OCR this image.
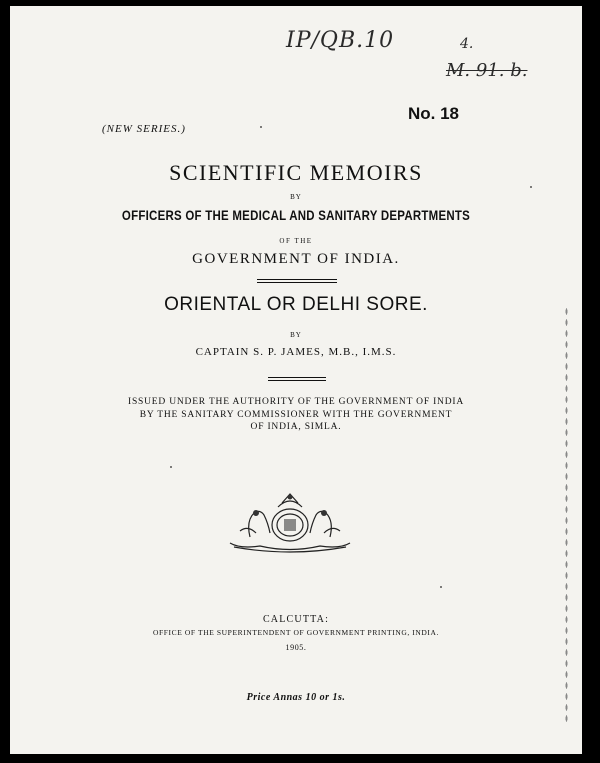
IP/QB.10	4.
M. 91. b.
(NEW SERIES.)
No. 18
SCIENTIFIC MEMOIRS
BY
OFFICERS OF THE MEDICAL AND SANITARY DEPARTMENTS
OF THE
GOVERNMENT OF INDIA.
ORIENTAL OR DELHI SORE.
BY
CAPTAIN S. P. JAMES, M.B., I.M.S.
ISSUED UNDER THE AUTHORITY OF THE GOVERNMENT OF INDIA
BY THE SANITARY COMMISSIONER WITH THE GOVERNMENT
OF INDIA, SIMLA.
CALCUTTA:
OFFICE OF THE SUPERINTENDENT OF GOVERNMENT PRINTING, INDIA.
1905.
Price Annas 10 or 1s.
